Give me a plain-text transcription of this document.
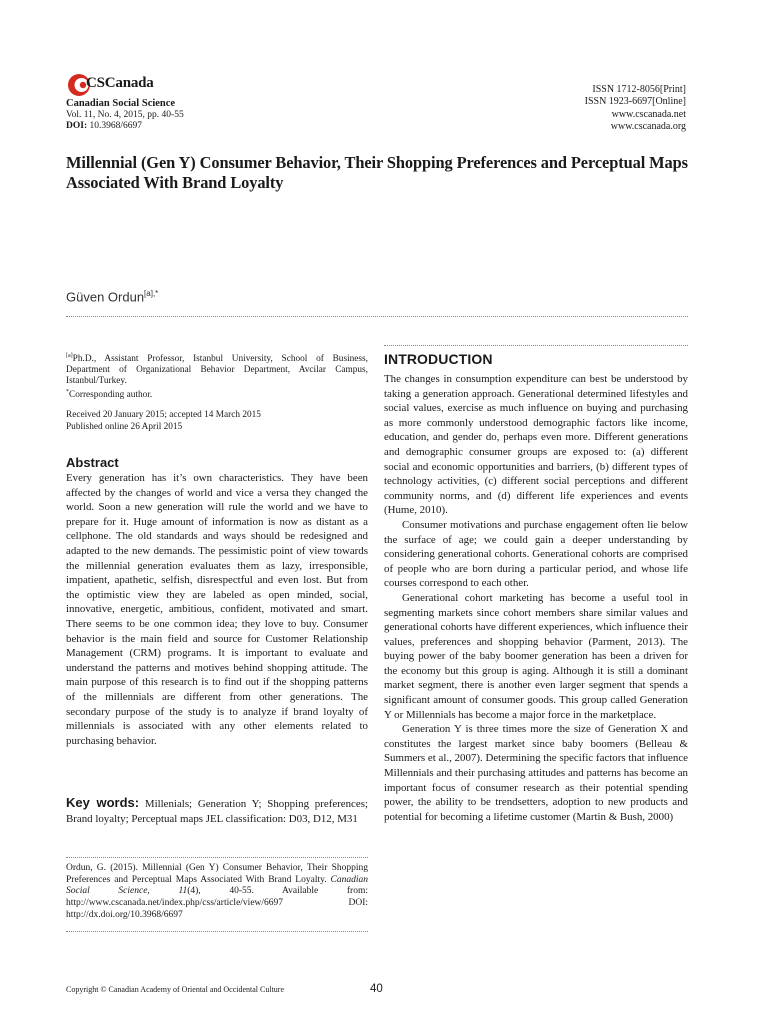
CSCanada
Canadian Social Science
Vol. 11, No. 4, 2015, pp. 40-55
DOI: 10.3968/6697
ISSN 1712-8056[Print]
ISSN 1923-6697[Online]
www.cscanada.net
www.cscanada.org
Millennial (Gen Y) Consumer Behavior, Their Shopping Preferences and Perceptual Maps Associated With Brand Loyalty
Güven Ordun$^{[a],*}$
[a]Ph.D., Assistant Professor, Istanbul University, School of Business, Department of Organizational Behavior Department, Avcilar Campus, Istanbul/Turkey.
*Corresponding author.
Received 20 January 2015; accepted 14 March 2015
Published online 26 April 2015
Abstract

Every generation has it’s own characteristics. They have been affected by the changes of world and vice a versa they changed the world. Soon a new generation will rule the world and we have to prepare for it. Huge amount of information is now as distant as a cellphone. The old standards and ways should be redesigned and adapted to the new demands. The pessimistic point of view towards the millennial generation evaluates them as lazy, irresponsible, impatient, apathetic, selfish, disrespectful and even lost. But from the optimistic view they are labeled as open minded, social, innovative, energetic, ambitious, confident, motivated and smart. There seems to be one common idea; they love to buy. Consumer behavior is the main field and source for Customer Relationship Management (CRM) programs. It is important to evaluate and understand the patterns and motives behind shopping attitude. The main purpose of this research is to find out if the shopping patterns of the millennials are different from other generations. The secondary purpose of the study is to analyze if brand loyalty of millennials is associated with any other elements related to purchasing behavior.

Key words: Millenials; Generation Y; Shopping preferences; Brand loyalty; Perceptual maps JEL classification: D03, D12, M31
Ordun, G. (2015). Millennial (Gen Y) Consumer Behavior, Their Shopping Preferences and Perceptual Maps Associated With Brand Loyalty. Canadian Social Science, 11(4), 40-55. Available from: http://www.cscanada.net/index.php/css/article/view/6697 DOI: http://dx.doi.org/10.3968/6697
INTRODUCTION

The changes in consumption expenditure can best be understood by taking a generation approach. Generational determined lifestyles and social values, exercise as much influence on buying and purchasing as more commonly understood demographic factors like income, education, and gender do, perhaps even more. Different generations and demographic consumer groups are exposed to: (a) different social and economic opportunities and barriers, (b) different types of technology activities, (c) different social perceptions and different community norms, and (d) different life experiences and events (Hume, 2010).

Consumer motivations and purchase engagement often lie below the surface of age; we could gain a deeper understanding by considering generational cohorts. Generational cohorts are comprised of people who are born during a particular period, and whose life courses correspond to each other.

Generational cohort marketing has become a useful tool in segmenting markets since cohort members share similar values and generational cohorts have different experiences, which influence their values, preferences and shopping behavior (Parment, 2013). The buying power of the baby boomer generation has been a driven for the economy but this group is aging. Although it is still a dominant market segment, there is another even larger segment that spends a significant amount of consumer goods. This group called Generation Y or Millennials has become a major force in the marketplace.

Generation Y is three times more the size of Generation X and constitutes the largest market since baby boomers (Belleau & Summers et al., 2007). Determining the specific factors that influence Millennials and their purchasing attitudes and patterns has become an important focus of consumer research as their potential spending power, the ability to be trendsetters, adoption to new products and potential for becoming a lifetime customer (Martin & Bush, 2000)

Copyright © Canadian Academy of Oriental and Occidental Culture	40
